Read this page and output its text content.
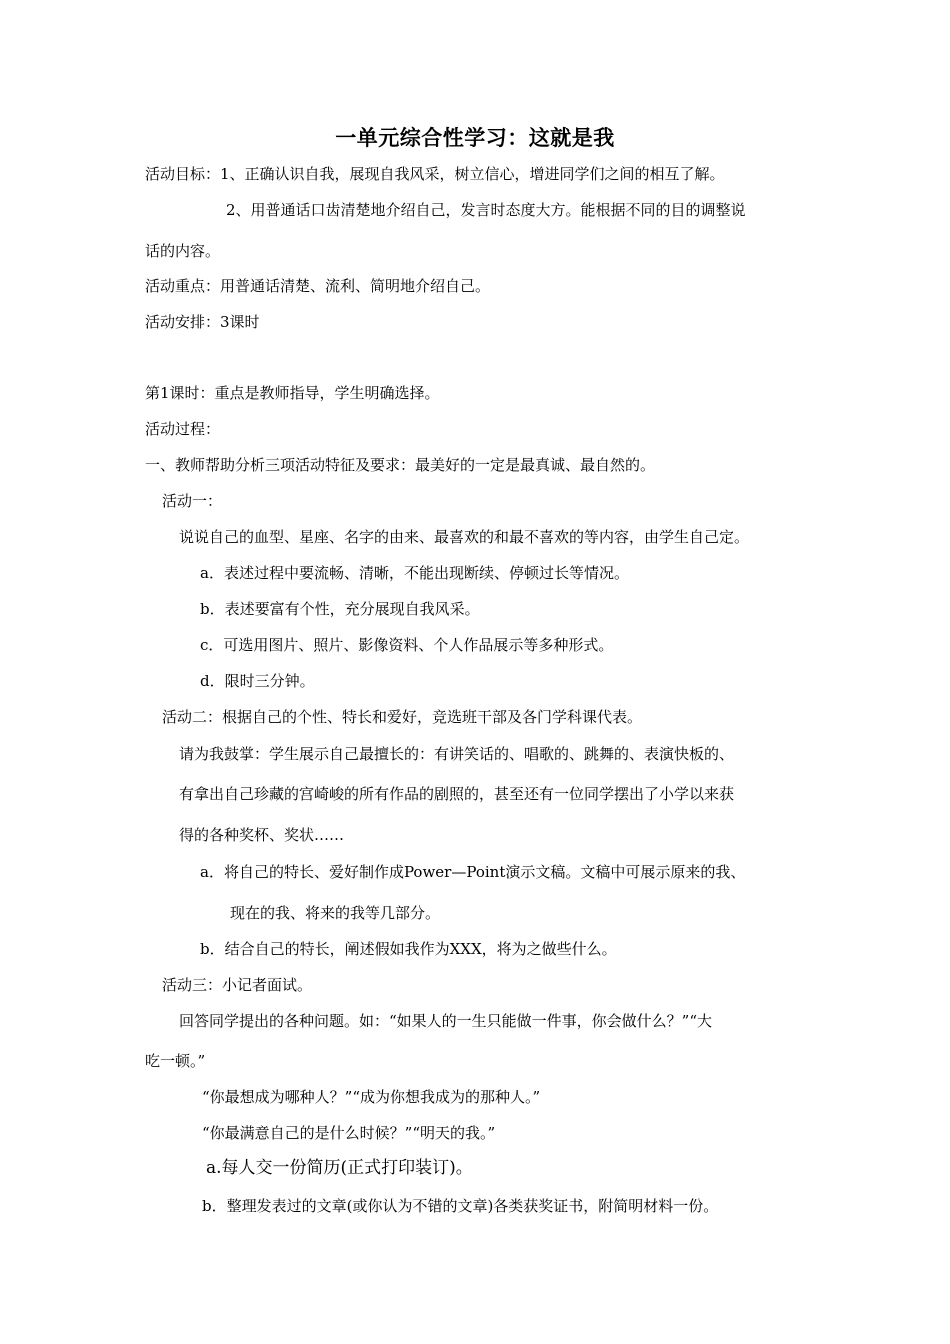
一单元综合性学习：这就是我
活动目标：1、正确认识自我，展现自我风采，树立信心，增进同学们之间的相互了解。
2、用普通话口齿清楚地介绍自己，发言时态度大方。能根据不同的目的调整说
话的内容。
活动重点：用普通话清楚、流利、简明地介绍自己。
活动安排：3课时
第1课时：重点是教师指导，学生明确选择。
活动过程：
一、教师帮助分析三项活动特征及要求：最美好的一定是最真诚、最自然的。
活动一：
说说自己的血型、星座、名字的由来、最喜欢的和最不喜欢的等内容，由学生自己定。
a．表述过程中要流畅、清晰，不能出现断续、停顿过长等情况。
b．表述要富有个性，充分展现自我风采。
c．可选用图片、照片、影像资料、个人作品展示等多种形式。
d．限时三分钟。
活动二：根据自己的个性、特长和爱好，竞选班干部及各门学科课代表。
请为我鼓掌：学生展示自己最擅长的：有讲笑话的、唱歌的、跳舞的、表演快板的、
有拿出自己珍藏的宫崎峻的所有作品的剧照的，甚至还有一位同学摆出了小学以来获
得的各种奖杯、奖状……
a．将自己的特长、爱好制作成Power—Point演示文稿。文稿中可展示原来的我、
现在的我、将来的我等几部分。
b．结合自己的特长，阐述假如我作为XXX，将为之做些什么。
活动三：小记者面试。
回答同学提出的各种问题。如：“如果人的一生只能做一件事，你会做什么？”“大
吃一顿。”
“你最想成为哪种人？”“成为你想我成为的那种人。”
“你最满意自己的是什么时候？”“明天的我。”
a.每人交一份简历(正式打印装订)。
b．整理发表过的文章(或你认为不错的文章)各类获奖证书，附简明材料一份。
